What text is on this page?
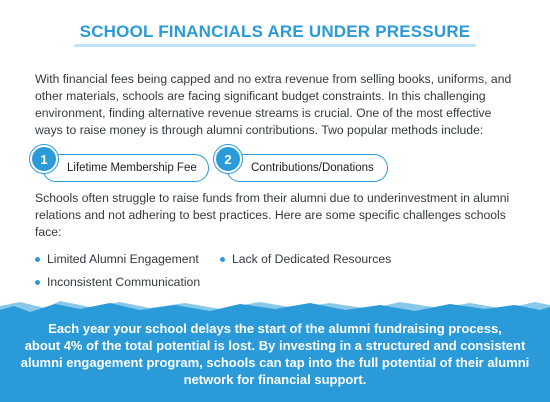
SCHOOL FINANCIALS ARE UNDER PRESSURE

With financial fees being capped and no extra revenue from selling books, uniforms, and other materials, schools are facing significant budget constraints. In this challenging environment, finding alternative revenue streams is crucial. One of the most effective ways to raise money is through alumni contributions. Two popular methods include:

Lifetime Membership Fee
1
Contributions/Donations
2

Schools often struggle to raise funds from their alumni due to underinvestment in alumni relations and not adhering to best practices. Here are some specific challenges schools face:

Limited Alumni Engagement	Lack of Dedicated Resources
Inconsistent Communication
Each year your school delays the start of the alumni fundraising process,
about 4% of the total potential is lost. By investing in a structured and consistent alumni engagement program, schools can tap into the full potential of their alumni network for financial support.
